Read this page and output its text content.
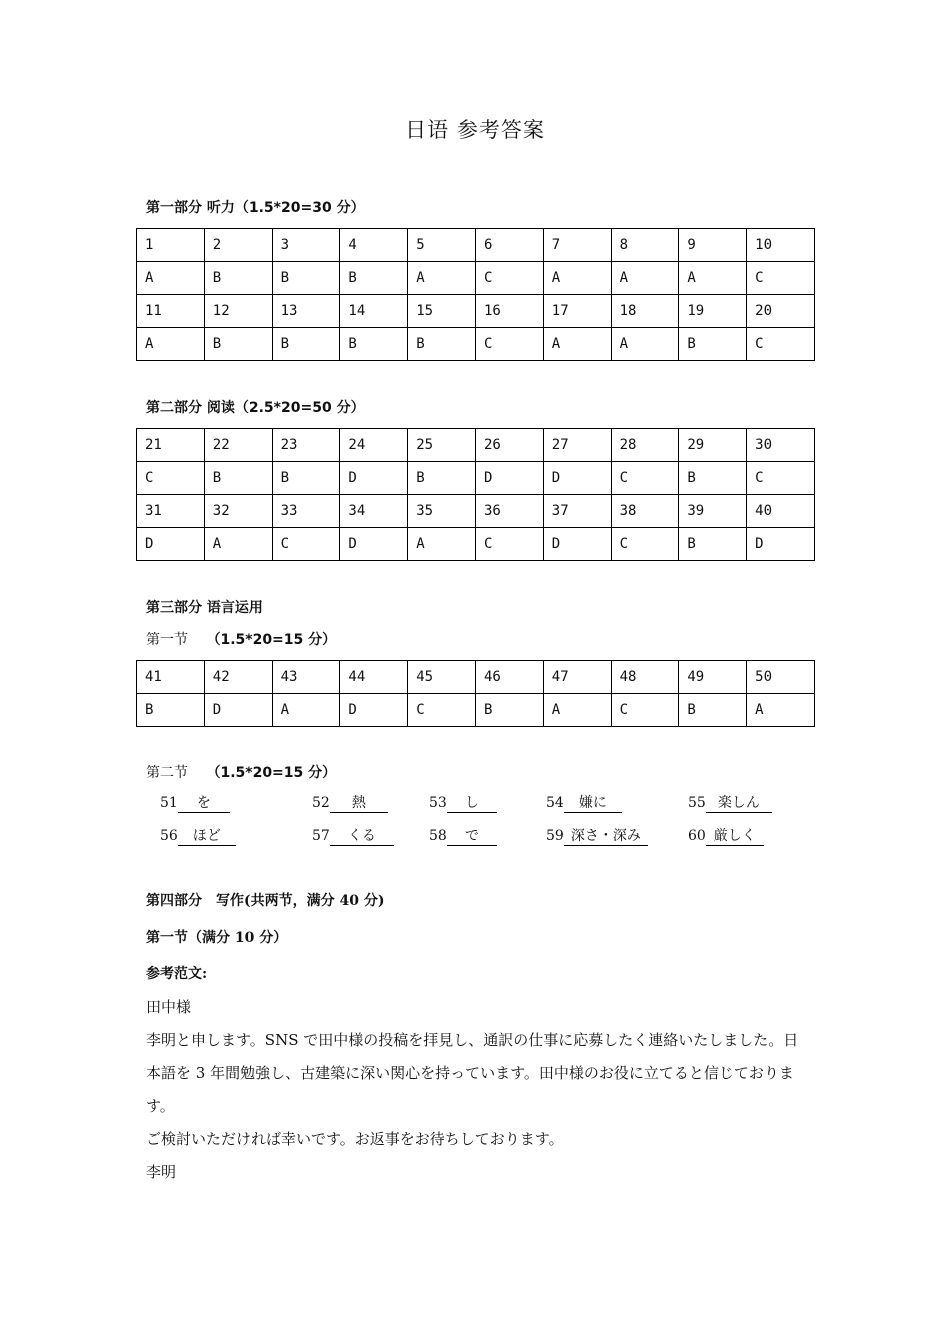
日语 参考答案
第一部分 听力（1.5*20=30 分）
1	2	3	4	5	6	7	8	9	10
A	B	B	B	A	C	A	A	A	C
11	12	13	14	15	16	17	18	19	20
A	B	B	B	B	C	A	A	B	C
第二部分 阅读（2.5*20=50 分）
21	22	23	24	25	26	27	28	29	30
C	B	B	D	B	D	D	C	B	C
31	32	33	34	35	36	37	38	39	40
D	A	C	D	A	C	D	C	B	D
第三部分 语言运用
第一节 （1.5*20=15 分）
41	42	43	44	45	46	47	48	49	50
B	D	A	D	C	B	A	C	B	A
第二节 （1.5*20=15 分）
51 を	52 熱	53 し	54 嫌に	55 楽しん
56 ほど	57 くる	58 で	59 深さ・深み	60 厳しく
第四部分　写作(共两节，满分 40 分)
第一节（满分 10 分）
参考范文:

田中様

李明と申します。SNS で田中様の投稿を拝見し、通訳の仕事に応募したく連絡いたしました。日本語を 3 年間勉強し、古建築に深い関心を持っています。田中様のお役に立てると信じております。

ご検討いただければ幸いです。お返事をお待ちしております。

李明
